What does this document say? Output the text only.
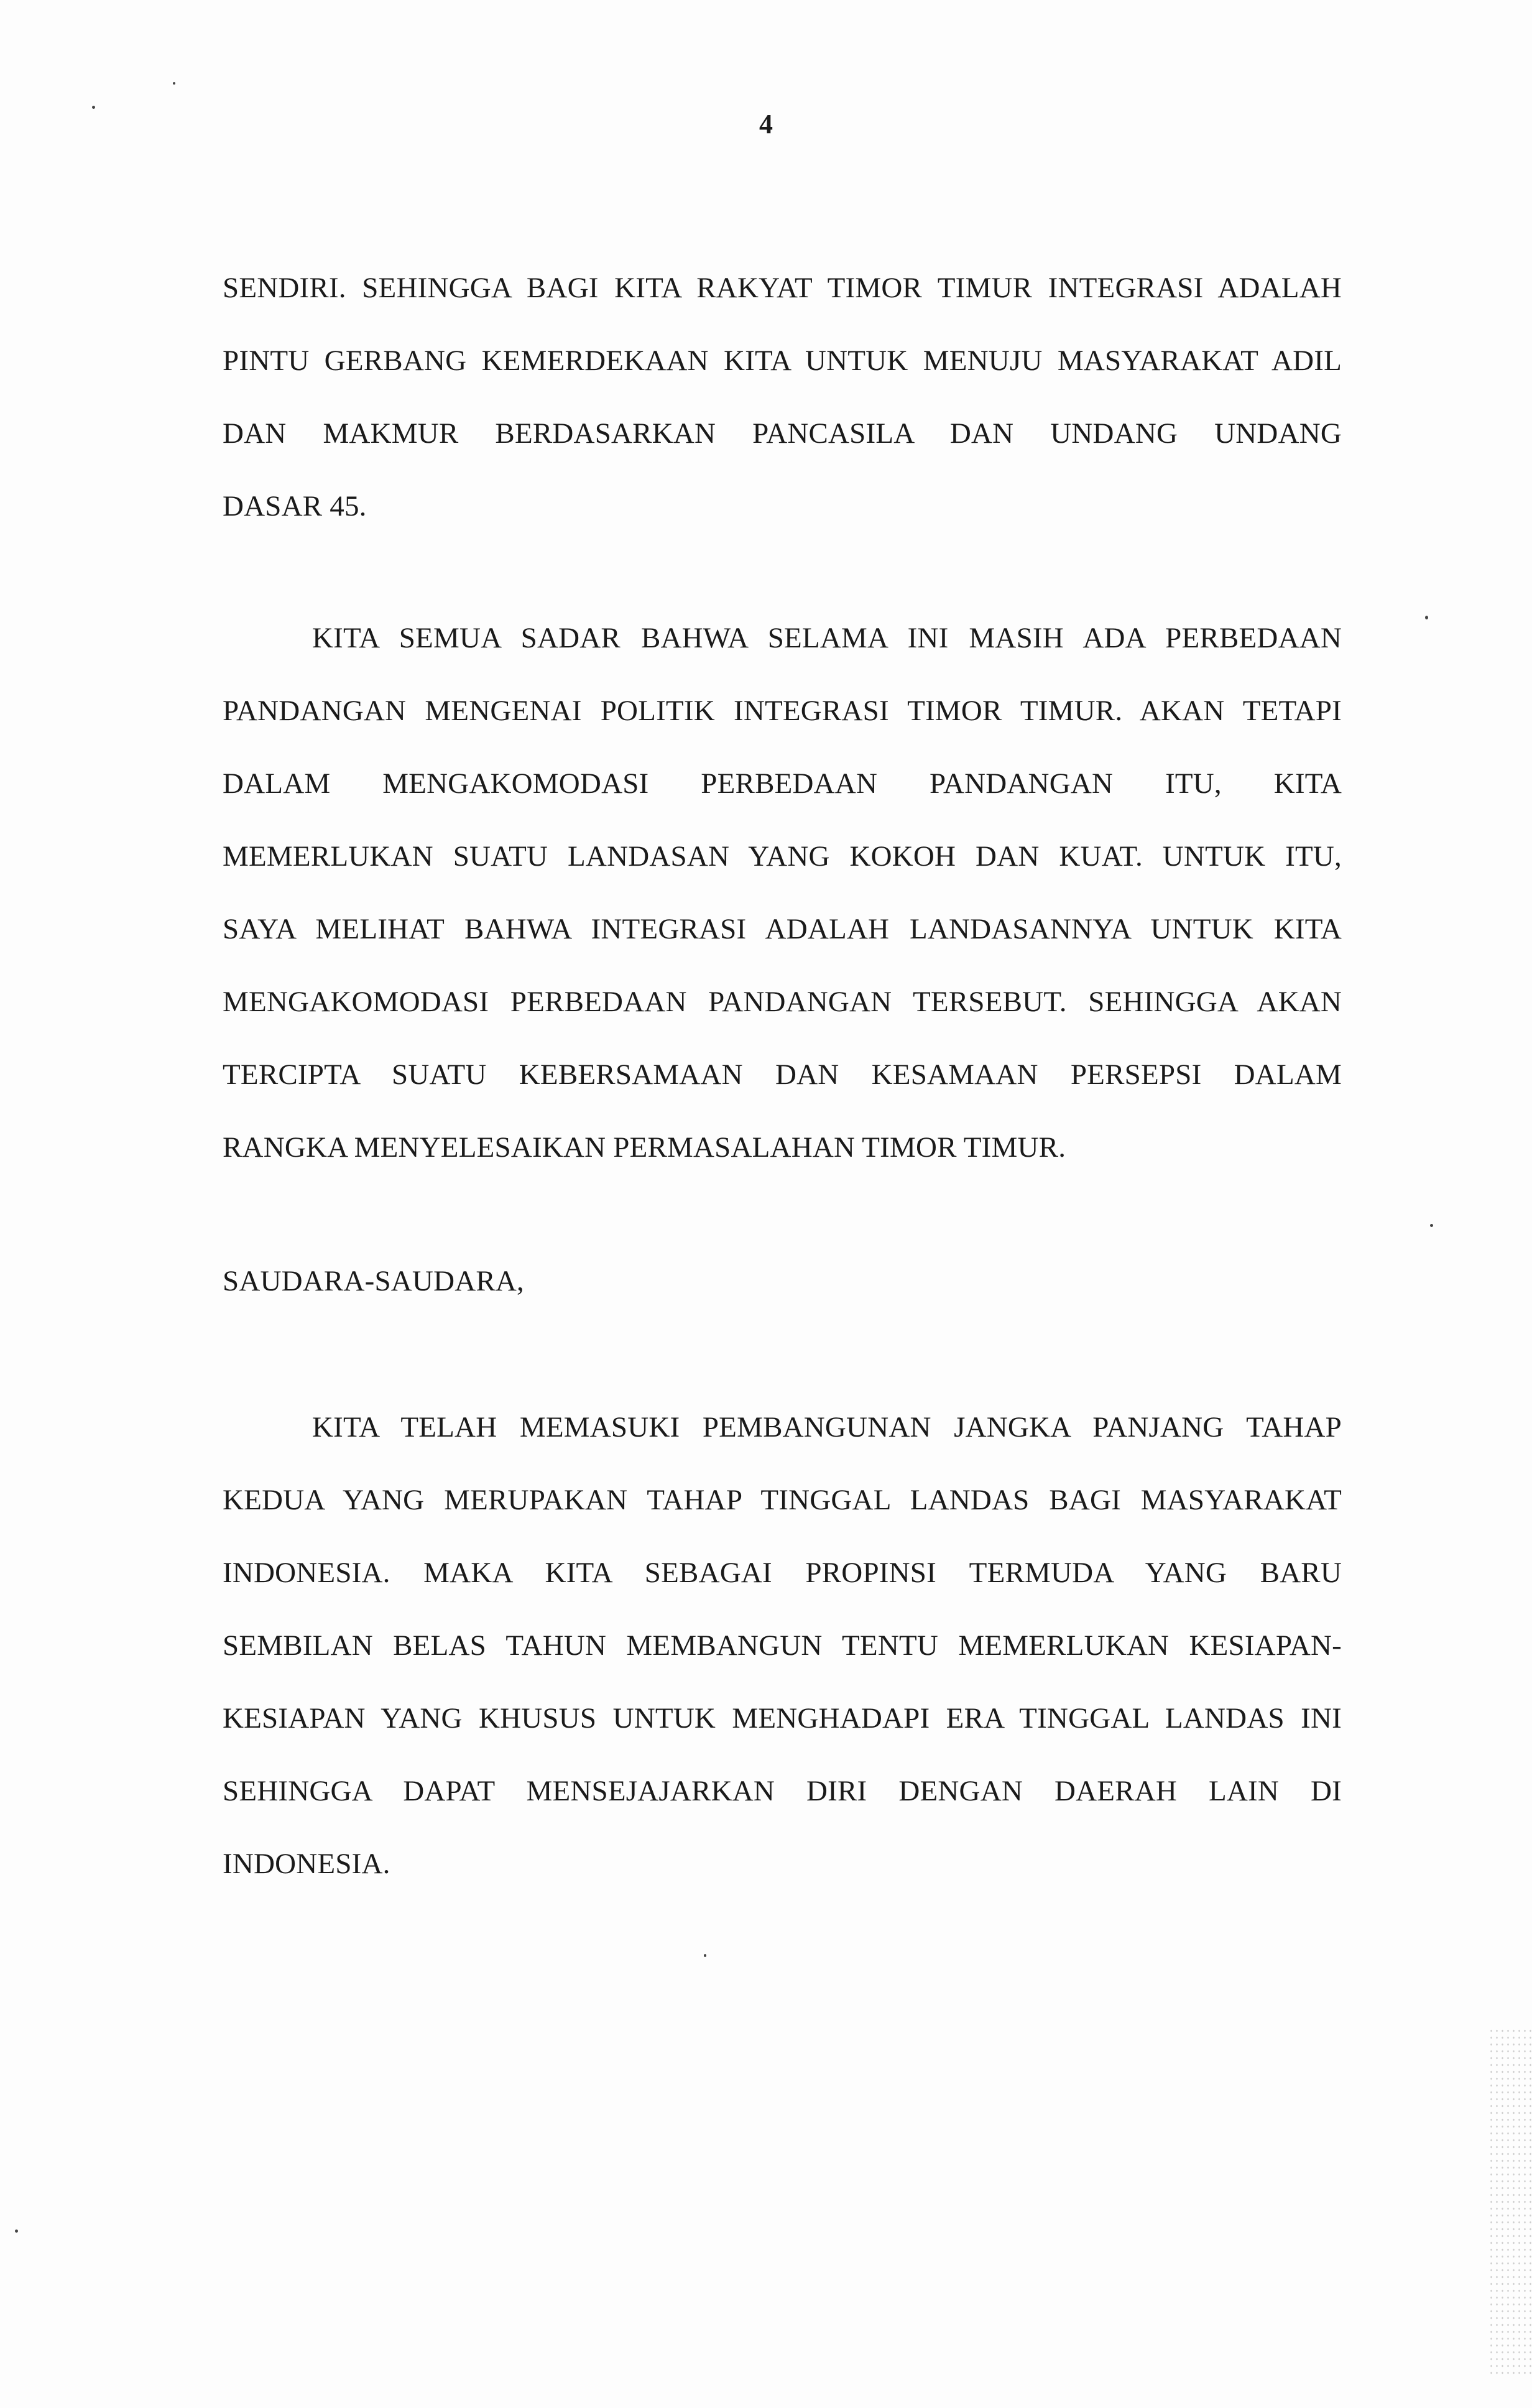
4
SENDIRI. SEHINGGA BAGI KITA RAKYAT TIMOR TIMUR INTEGRASI ADALAH
PINTU GERBANG KEMERDEKAAN KITA UNTUK MENUJU MASYARAKAT ADIL
DAN MAKMUR BERDASARKAN PANCASILA DAN UNDANG UNDANG
DASAR 45.
KITA SEMUA SADAR BAHWA SELAMA INI MASIH ADA PERBEDAAN
PANDANGAN MENGENAI POLITIK INTEGRASI TIMOR TIMUR. AKAN TETAPI
DALAM MENGAKOMODASI PERBEDAAN PANDANGAN ITU, KITA
MEMERLUKAN SUATU LANDASAN YANG KOKOH DAN KUAT. UNTUK ITU,
SAYA MELIHAT BAHWA INTEGRASI ADALAH LANDASANNYA UNTUK KITA
MENGAKOMODASI PERBEDAAN PANDANGAN TERSEBUT. SEHINGGA AKAN
TERCIPTA SUATU KEBERSAMAAN DAN KESAMAAN PERSEPSI DALAM
RANGKA MENYELESAIKAN PERMASALAHAN TIMOR TIMUR.
SAUDARA-SAUDARA,
KITA TELAH MEMASUKI PEMBANGUNAN JANGKA PANJANG TAHAP
KEDUA YANG MERUPAKAN TAHAP TINGGAL LANDAS BAGI MASYARAKAT
INDONESIA. MAKA KITA SEBAGAI PROPINSI TERMUDA YANG BARU
SEMBILAN BELAS TAHUN MEMBANGUN TENTU MEMERLUKAN KESIAPAN-
KESIAPAN YANG KHUSUS UNTUK MENGHADAPI ERA TINGGAL LANDAS INI
SEHINGGA DAPAT MENSEJAJARKAN DIRI DENGAN DAERAH LAIN DI
INDONESIA.
